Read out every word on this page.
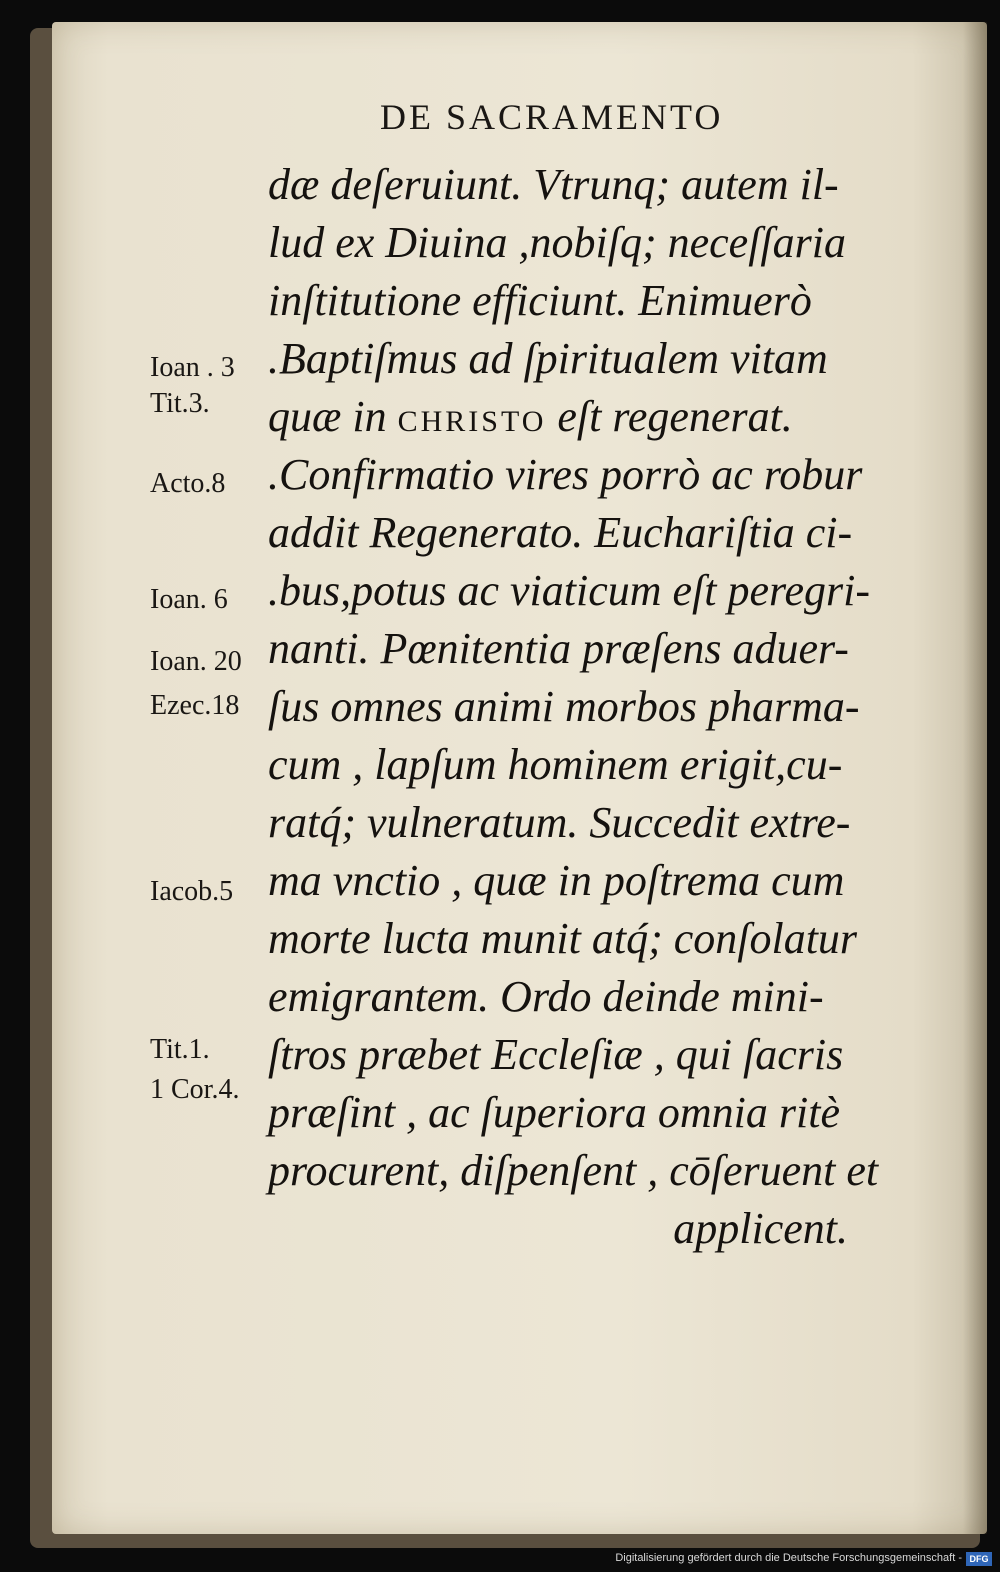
DE SACRAMENTO
dæ deſeruiunt. Vtrunq; autem il-
lud ex Diuina ,nobiſq; neceſſaria
inſtitutione efficiunt. Enimuerò
.Baptiſmus ad ſpiritualem vitam
quæ in CHRISTO eſt regenerat.
.Confirmatio vires porrò ac robur
addit Regenerato. Euchariſtia ci-
.bus,potus ac viaticum eſt peregri-
nanti. Pœnitentia præſens aduer-
ſus omnes animi morbos pharma-
cum , lapſum hominem erigit,cu-
ratq́; vulneratum. Succedit extre-
ma vnctio , quæ in poſtrema cum
morte lucta munit atq́; conſolatur
emigrantem. Ordo deinde mini-
ſtros præbet Eccleſiæ , qui ſacris
præſint , ac ſuperiora omnia ritè
procurent, diſpenſent , cōſeruent et
applicent.
Ioan . 3
Tit.3.
Acto.8
Ioan. 6
Ioan. 20
Ezec.18
Iacob.5
Tit.1.
1 Cor.4.
Digitalisierung gefördert durch die Deutsche Forschungsgemeinschaft - DFG
